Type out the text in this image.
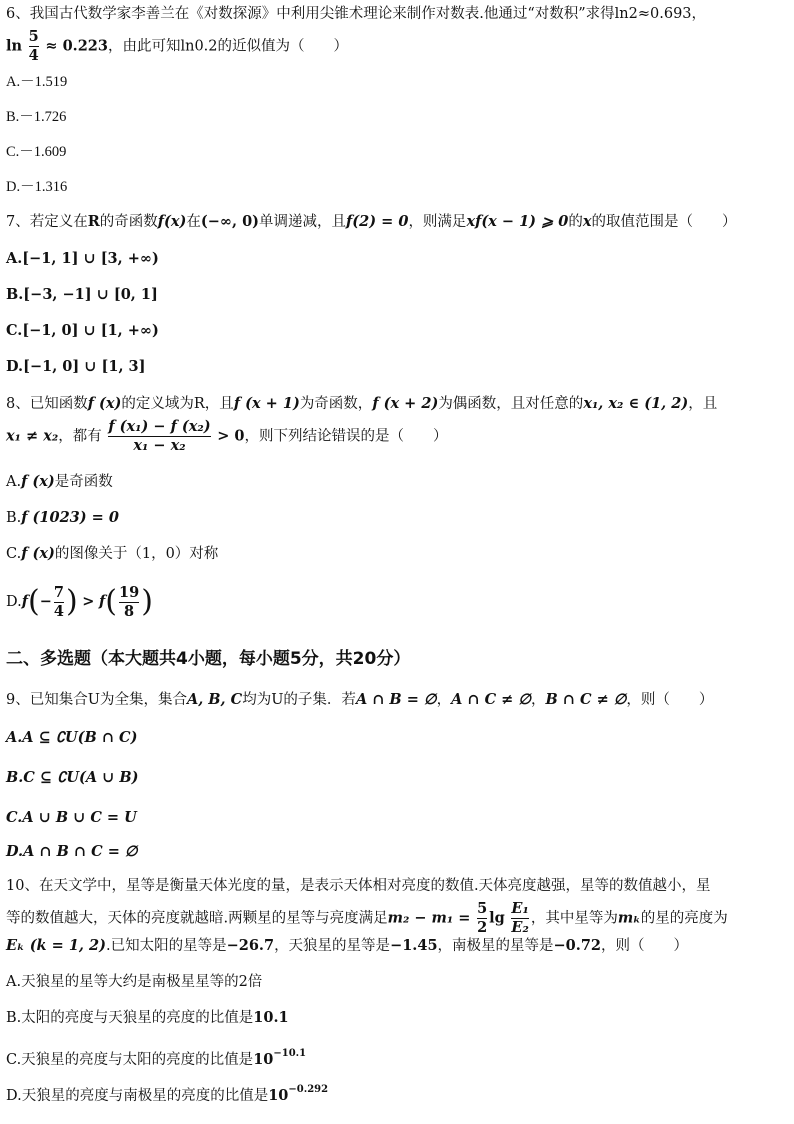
6、我国古代数学家李善兰在《对数探源》中利用尖锥术理论来制作对数表.他通过“对数积”求得ln2≈0.693，
$\ln \frac{5}{4} \approx 0.223$，由此可知ln0.2的近似值为（　　）
A.－1.519
B.－1.726
C.－1.609
D.－1.316
7、若定义在R的奇函数f(x)在(−∞, 0)单调递减，且f(2) = 0，则满足xf(x − 1) ⩾ 0的x的取值范围是（　　）
A.[−1, 1] ∪ [3, +∞)
B.[−3, −1] ∪ [0, 1]
C.[−1, 0] ∪ [1, +∞)
D.[−1, 0] ∪ [1, 3]
8、已知函数f (x)的定义域为R，且f (x + 1)为奇函数，f (x + 2)为偶函数，且对任意的x₁, x₂ ∈ (1, 2)，且
x₁ ≠ x₂，都有 $\frac{\text{f (x₁) − f (x₂)}}{\text{x₁ − x₂}} > 0$，则下列结论错误的是（　　）
A.f (x)是奇函数
B.f (1023) = 0
C.f (x)的图像关于（1，0）对称
$D.f(- \frac{7}{4}$ ) > $f( \frac{19}{8}$ )
二、多选题（本大题共4小题，每小题5分，共20分）
9、已知集合U为全集，集合A, B, C均为U的子集．若A ∩ B = ∅，A ∩ C ≠ ∅，B ∩ C ≠ ∅，则（　　）
A.A ⊆ ∁U(B ∩ C)
B.C ⊆ ∁U(A ∪ B)
C.A ∪ B ∪ C = U
D.A ∩ B ∩ C = ∅
10、在天文学中，星等是衡量天体光度的量，是表示天体相对亮度的数值.天体亮度越强，星等的数值越小，星
等的数值越大，天体的亮度就越暗.两颗星的星等与亮度满足$m_2 - m_1 = \frac{5}{2}$ $\lg \frac{\text{E₁}}{\text{E₂}}$ ，其中星等为mₖ的星的亮度为
Eₖ (k = 1, 2).已知太阳的星等是−26.7，天狼星的星等是−1.45，南极星的星等是−0.72，则（　　）
A.天狼星的星等大约是南极星星等的2倍
B.太阳的亮度与天狼星的亮度的比值是10.1
C.天狼星的亮度与太阳的亮度的比值是$10^{-10.1}$
D.天狼星的亮度与南极星的亮度的比值是$10^{-0.292}$
